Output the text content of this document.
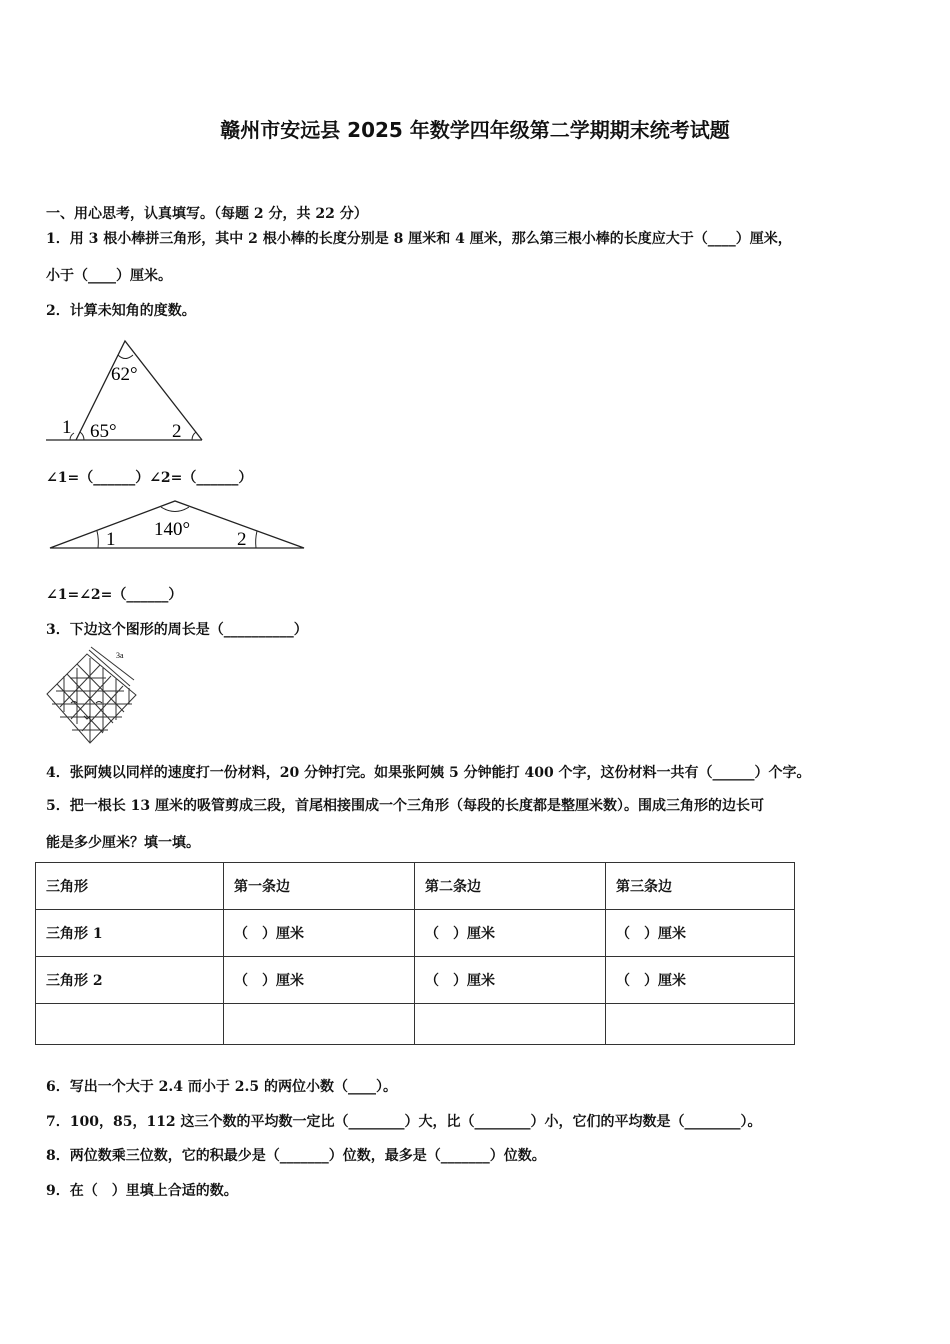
赣州市安远县 2025 年数学四年级第二学期期末统考试题
一、用心思考，认真填写。（每题 2 分，共 22 分）
1．用 3 根小棒拼三角形，其中 2 根小棒的长度分别是 8 厘米和 4 厘米，那么第三根小棒的长度应大于（____）厘米，
小于（____）厘米。
2．计算未知角的度数。
62°
65°
1	2
∠1=（______）∠2=（______）
140°
1	2
∠1=∠2=（______）
3．下边这个图形的周长是（__________）
3a
4．张阿姨以同样的速度打一份材料，20 分钟打完。如果张阿姨 5 分钟能打 400 个字，这份材料一共有（______）个字。
5．把一根长 13 厘米的吸管剪成三段，首尾相接围成一个三角形（每段的长度都是整厘米数）。围成三角形的边长可
能是多少厘米？填一填。
三角形	第一条边	第二条边	第三条边
三角形 1	（　）厘米	（　）厘米	（　）厘米
三角形 2	（　）厘米	（　）厘米	（　）厘米

6．写出一个大于 2.4 而小于 2.5 的两位小数（____）。
7．100，85，112 这三个数的平均数一定比（________）大，比（________）小，它们的平均数是（________）。
8．两位数乘三位数，它的积最少是（_______）位数，最多是（_______）位数。
9．在（　）里填上合适的数。
